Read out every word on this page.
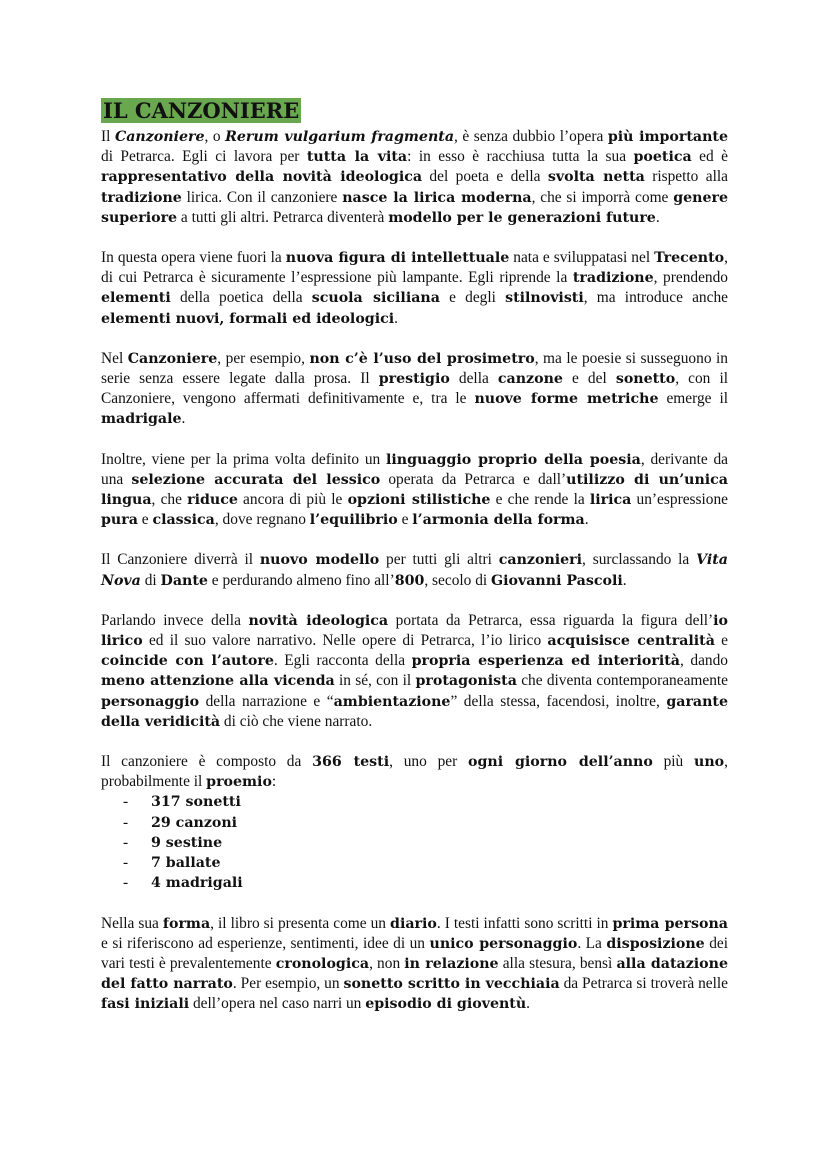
IL CANZONIERE

Il Canzoniere, o Rerum vulgarium fragmenta, è senza dubbio l’opera più importante di Petrarca. Egli ci lavora per tutta la vita: in esso è racchiusa tutta la sua poetica ed è rappresentativo della novità ideologica del poeta e della svolta netta rispetto alla tradizione lirica. Con il canzoniere nasce la lirica moderna, che si imporrà come genere superiore a tutti gli altri. Petrarca diventerà modello per le generazioni future.

In questa opera viene fuori la nuova figura di intellettuale nata e sviluppatasi nel Trecento, di cui Petrarca è sicuramente l’espressione più lampante. Egli riprende la tradizione, prendendo elementi della poetica della scuola siciliana e degli stilnovisti, ma introduce anche elementi nuovi, formali ed ideologici.

Nel Canzoniere, per esempio, non c’è l’uso del prosimetro, ma le poesie si susseguono in serie senza essere legate dalla prosa. Il prestigio della canzone e del sonetto, con il Canzoniere, vengono affermati definitivamente e, tra le nuove forme metriche emerge il madrigale.

Inoltre, viene per la prima volta definito un linguaggio proprio della poesia, derivante da una selezione accurata del lessico operata da Petrarca e dall’utilizzo di un’unica lingua, che riduce ancora di più le opzioni stilistiche e che rende la lirica un’espressione pura e classica, dove regnano l’equilibrio e l’armonia della forma.

Il Canzoniere diverrà il nuovo modello per tutti gli altri canzonieri, surclassando la Vita Nova di Dante e perdurando almeno fino all’800, secolo di Giovanni Pascoli.

Parlando invece della novità ideologica portata da Petrarca, essa riguarda la figura dell’io lirico ed il suo valore narrativo. Nelle opere di Petrarca, l’io lirico acquisisce centralità e coincide con l’autore. Egli racconta della propria esperienza ed interiorità, dando meno attenzione alla vicenda in sé, con il protagonista che diventa contemporaneamente personaggio della narrazione e “ambientazione” della stessa, facendosi, inoltre, garante della veridicità di ciò che viene narrato.

Il canzoniere è composto da 366 testi, uno per ogni giorno dell’anno più uno, probabilmente il proemio:

-	317 sonetti
-	29 canzoni
-	9 sestine
-	7 ballate
-	4 madrigali

Nella sua forma, il libro si presenta come un diario. I testi infatti sono scritti in prima persona e si riferiscono ad esperienze, sentimenti, idee di un unico personaggio. La disposizione dei vari testi è prevalentemente cronologica, non in relazione alla stesura, bensì alla datazione del fatto narrato. Per esempio, un sonetto scritto in vecchiaia da Petrarca si troverà nelle fasi iniziali dell’opera nel caso narri un episodio di gioventù.
